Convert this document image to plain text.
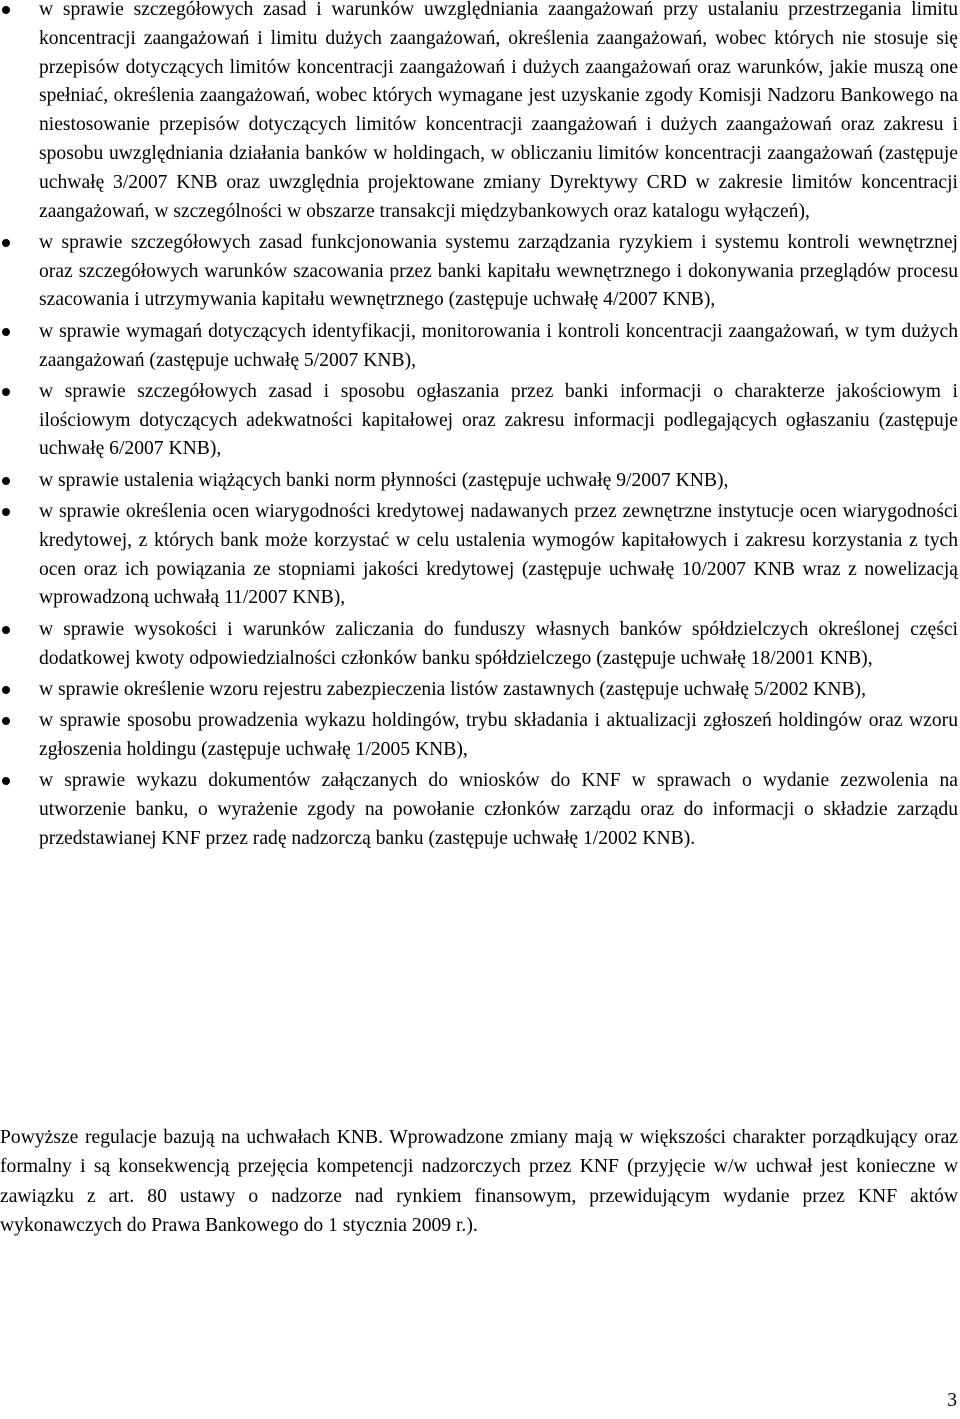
w sprawie szczegółowych zasad i warunków uwzględniania zaangażowań przy ustalaniu przestrzegania limitu koncentracji zaangażowań i limitu dużych zaangażowań, określenia zaangażowań, wobec których nie stosuje się przepisów dotyczących limitów koncentracji zaangażowań i dużych zaangażowań oraz warunków, jakie muszą one spełniać, określenia zaangażowań, wobec których wymagane jest uzyskanie zgody Komisji Nadzoru Bankowego na niestosowanie przepisów dotyczących limitów koncentracji zaangażowań i dużych zaangażowań oraz zakresu i sposobu uwzględniania działania banków w holdingach, w obliczaniu limitów koncentracji zaangażowań (zastępuje uchwałę 3/2007 KNB oraz uwzględnia projektowane zmiany Dyrektywy CRD w zakresie limitów koncentracji zaangażowań, w szczególności w obszarze transakcji międzybankowych oraz katalogu wyłączeń),
w sprawie szczegółowych zasad funkcjonowania systemu zarządzania ryzykiem i systemu kontroli wewnętrznej oraz szczegółowych warunków szacowania przez banki kapitału wewnętrznego i dokonywania przeglądów procesu szacowania i utrzymywania kapitału wewnętrznego (zastępuje uchwałę 4/2007 KNB),
w sprawie wymagań dotyczących identyfikacji, monitorowania i kontroli koncentracji zaangażowań, w tym dużych zaangażowań (zastępuje uchwałę 5/2007 KNB),
w sprawie szczegółowych zasad i sposobu ogłaszania przez banki informacji o charakterze jakościowym i ilościowym dotyczących adekwatności kapitałowej oraz zakresu informacji podlegających ogłaszaniu (zastępuje uchwałę 6/2007 KNB),
w sprawie ustalenia wiążących banki norm płynności (zastępuje uchwałę 9/2007 KNB),
w sprawie określenia ocen wiarygodności kredytowej nadawanych przez zewnętrzne instytucje ocen wiarygodności kredytowej, z których bank może korzystać w celu ustalenia wymogów kapitałowych i zakresu korzystania z tych ocen oraz ich powiązania ze stopniami jakości kredytowej (zastępuje uchwałę 10/2007 KNB wraz z nowelizacją wprowadzoną uchwałą 11/2007 KNB),
w sprawie wysokości i warunków zaliczania do funduszy własnych banków spółdzielczych określonej części dodatkowej kwoty odpowiedzialności członków banku spółdzielczego (zastępuje uchwałę 18/2001 KNB),
w sprawie określenie wzoru rejestru zabezpieczenia listów zastawnych (zastępuje uchwałę 5/2002 KNB),
w sprawie sposobu prowadzenia wykazu holdingów, trybu składania i aktualizacji zgłoszeń holdingów oraz wzoru zgłoszenia holdingu (zastępuje uchwałę 1/2005 KNB),
w sprawie wykazu dokumentów załączanych do wniosków do KNF w sprawach o wydanie zezwolenia na utworzenie banku, o wyrażenie zgody na powołanie członków zarządu oraz do informacji o składzie zarządu przedstawianej KNF przez radę nadzorczą banku (zastępuje uchwałę 1/2002 KNB).

Powyższe regulacje bazują na uchwałach KNB. Wprowadzone zmiany mają w większości charakter porządkujący oraz formalny i są konsekwencją przejęcia kompetencji nadzorczych przez KNF (przyjęcie w/w uchwał jest konieczne w zawiązku z art. 80 ustawy o nadzorze nad rynkiem finansowym, przewidującym wydanie przez KNF aktów wykonawczych do Prawa Bankowego do 1 stycznia 2009 r.).

3
